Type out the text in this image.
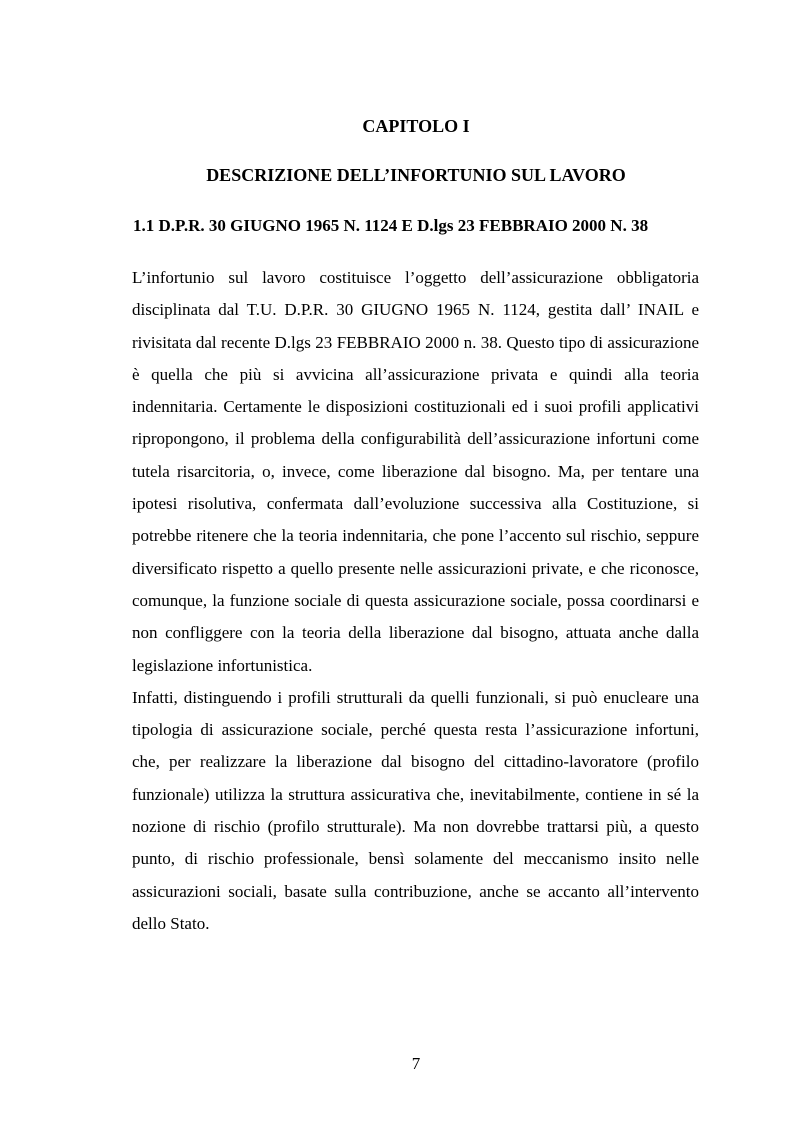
CAPITOLO I
DESCRIZIONE DELL’INFORTUNIO SUL LAVORO
1.1 D.P.R. 30 GIUGNO 1965 N. 1124 E D.lgs 23 FEBBRAIO 2000 N. 38

L’infortunio sul lavoro costituisce l’oggetto dell’assicurazione obbligatoria disciplinata dal T.U. D.P.R. 30 GIUGNO 1965 N. 1124, gestita dall’ INAIL e rivisitata dal recente D.lgs 23 FEBBRAIO 2000 n. 38. Questo tipo di assicurazione è quella che più si avvicina all’assicurazione privata e quindi alla teoria indennitaria. Certamente le disposizioni costituzionali ed i suoi profili applicativi ripropongono, il problema della configurabilità dell’assicurazione infortuni come tutela risarcitoria, o, invece, come liberazione dal bisogno. Ma, per tentare una ipotesi risolutiva, confermata dall’evoluzione successiva alla Costituzione, si potrebbe ritenere che la teoria indennitaria, che pone l’accento sul rischio, seppure diversificato rispetto a quello presente nelle assicurazioni private, e che riconosce, comunque, la funzione sociale di questa assicurazione sociale, possa coordinarsi e non confliggere con la teoria della liberazione dal bisogno, attuata anche dalla legislazione infortunistica.

Infatti, distinguendo i profili strutturali da quelli funzionali, si può enucleare una tipologia di assicurazione sociale, perché questa resta l’assicurazione infortuni, che, per realizzare la liberazione dal bisogno del cittadino-lavoratore (profilo funzionale) utilizza la struttura assicurativa che, inevitabilmente, contiene in sé la nozione di rischio (profilo strutturale). Ma non dovrebbe trattarsi più, a questo punto, di rischio professionale, bensì solamente del meccanismo insito nelle assicurazioni sociali, basate sulla contribuzione, anche se accanto all’intervento dello Stato.

7
